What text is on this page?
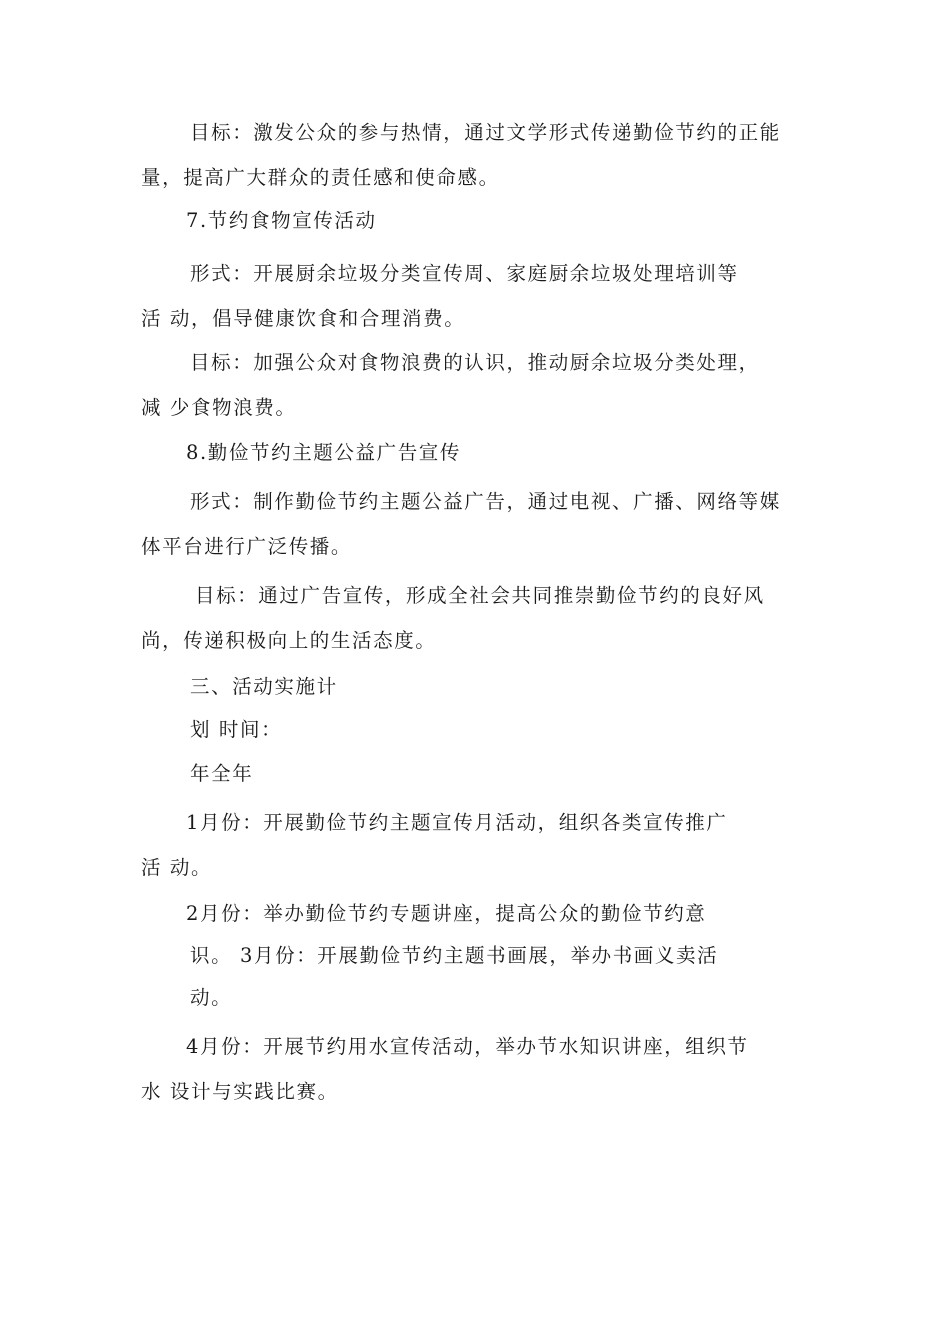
目标：激发公众的参与热情，通过文学形式传递勤俭节约的正能
量，提高广大群众的责任感和使命感。
7.节约食物宣传活动
形式：开展厨余垃圾分类宣传周、家庭厨余垃圾处理培训等
活 动，倡导健康饮食和合理消费。
目标：加强公众对食物浪费的认识，推动厨余垃圾分类处理，
减 少食物浪费。
8.勤俭节约主题公益广告宣传
形式：制作勤俭节约主题公益广告，通过电视、广播、网络等媒
体平台进行广泛传播。
目标：通过广告宣传，形成全社会共同推崇勤俭节约的良好风
尚，传递积极向上的生活态度。
三、活动实施计
划 时间：
年全年
1月份：开展勤俭节约主题宣传月活动，组织各类宣传推广
活 动。
2月份：举办勤俭节约专题讲座，提高公众的勤俭节约意
识。 3月份：开展勤俭节约主题书画展，举办书画义卖活
动。
4月份：开展节约用水宣传活动，举办节水知识讲座，组织节
水 设计与实践比赛。
